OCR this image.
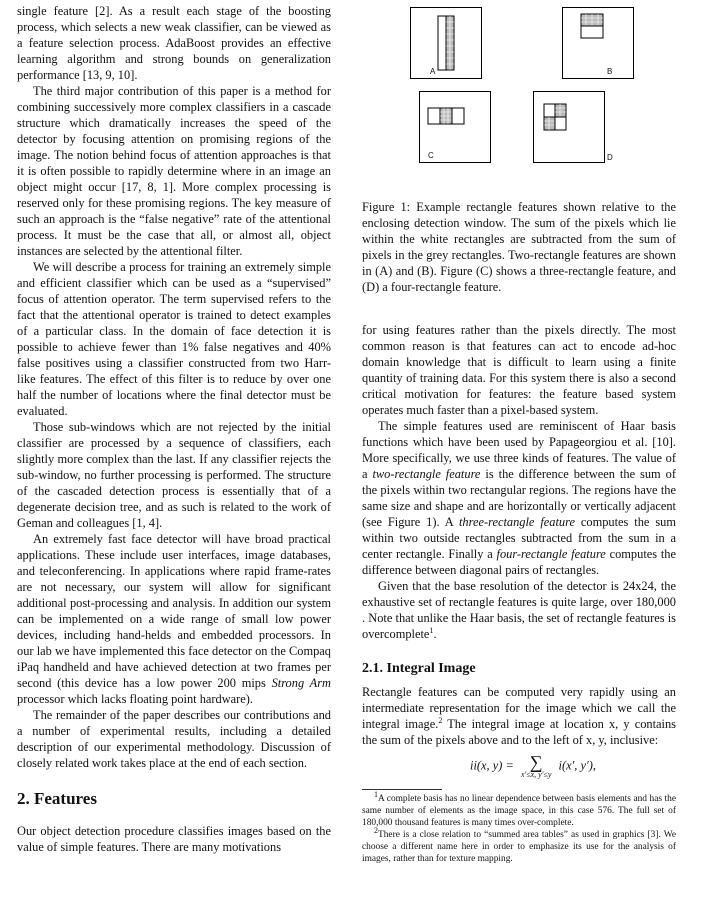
single feature [2]. As a result each stage of the boosting process, which selects a new weak classifier, can be viewed as a feature selection process. AdaBoost provides an effective learning algorithm and strong bounds on generalization performance [13, 9, 10].

The third major contribution of this paper is a method for combining successively more complex classifiers in a cascade structure which dramatically increases the speed of the detector by focusing attention on promising regions of the image. The notion behind focus of attention approaches is that it is often possible to rapidly determine where in an image an object might occur [17, 8, 1]. More complex processing is reserved only for these promising regions. The key measure of such an approach is the “false negative” rate of the attentional process. It must be the case that all, or almost all, object instances are selected by the attentional filter.

We will describe a process for training an extremely simple and efficient classifier which can be used as a “supervised” focus of attention operator. The term supervised refers to the fact that the attentional operator is trained to detect examples of a particular class. In the domain of face detection it is possible to achieve fewer than 1% false negatives and 40% false positives using a classifier constructed from two Harr-like features. The effect of this filter is to reduce by over one half the number of locations where the final detector must be evaluated.

Those sub-windows which are not rejected by the initial classifier are processed by a sequence of classifiers, each slightly more complex than the last. If any classifier rejects the sub-window, no further processing is performed. The structure of the cascaded detection process is essentially that of a degenerate decision tree, and as such is related to the work of Geman and colleagues [1, 4].

An extremely fast face detector will have broad practical applications. These include user interfaces, image databases, and teleconferencing. In applications where rapid frame-rates are not necessary, our system will allow for significant additional post-processing and analysis. In addition our system can be implemented on a wide range of small low power devices, including hand-helds and embedded processors. In our lab we have implemented this face detector on the Compaq iPaq handheld and have achieved detection at two frames per second (this device has a low power 200 mips Strong Arm processor which lacks floating point hardware).

The remainder of the paper describes our contributions and a number of experimental results, including a detailed description of our experimental methodology. Discussion of closely related work takes place at the end of each section.

2. Features

Our object detection procedure classifies images based on the value of simple features. There are many motivations

A	B
C	D

Figure 1: Example rectangle features shown relative to the enclosing detection window. The sum of the pixels which lie within the white rectangles are subtracted from the sum of pixels in the grey rectangles. Two-rectangle features are shown in (A) and (B). Figure (C) shows a three-rectangle feature, and (D) a four-rectangle feature.

for using features rather than the pixels directly. The most common reason is that features can act to encode ad-hoc domain knowledge that is difficult to learn using a finite quantity of training data. For this system there is also a second critical motivation for features: the feature based system operates much faster than a pixel-based system.

The simple features used are reminiscent of Haar basis functions which have been used by Papageorgiou et al. [10]. More specifically, we use three kinds of features. The value of a two-rectangle feature is the difference between the sum of the pixels within two rectangular regions. The regions have the same size and shape and are horizontally or vertically adjacent (see Figure 1). A three-rectangle feature computes the sum within two outside rectangles subtracted from the sum in a center rectangle. Finally a four-rectangle feature computes the difference between diagonal pairs of rectangles.

Given that the base resolution of the detector is 24x24, the exhaustive set of rectangle features is quite large, over 180,000 . Note that unlike the Haar basis, the set of rectangle features is overcomplete$^1$.

2.1. Integral Image

Rectangle features can be computed very rapidly using an intermediate representation for the image which we call the integral image.$^2$ The integral image at location x, y contains the sum of the pixels above and to the left of x, y, inclusive:

ii(x, y) = ∑
x′≤x, y′≤y
i(x′, y′),

$^1$A complete basis has no linear dependence between basis elements and has the same number of elements as the image space, in this case 576. The full set of 180,000 thousand features is many times over-complete.

$^2$There is a close relation to “summed area tables” as used in graphics [3]. We choose a different name here in order to emphasize its use for the analysis of images, rather than for texture mapping.
